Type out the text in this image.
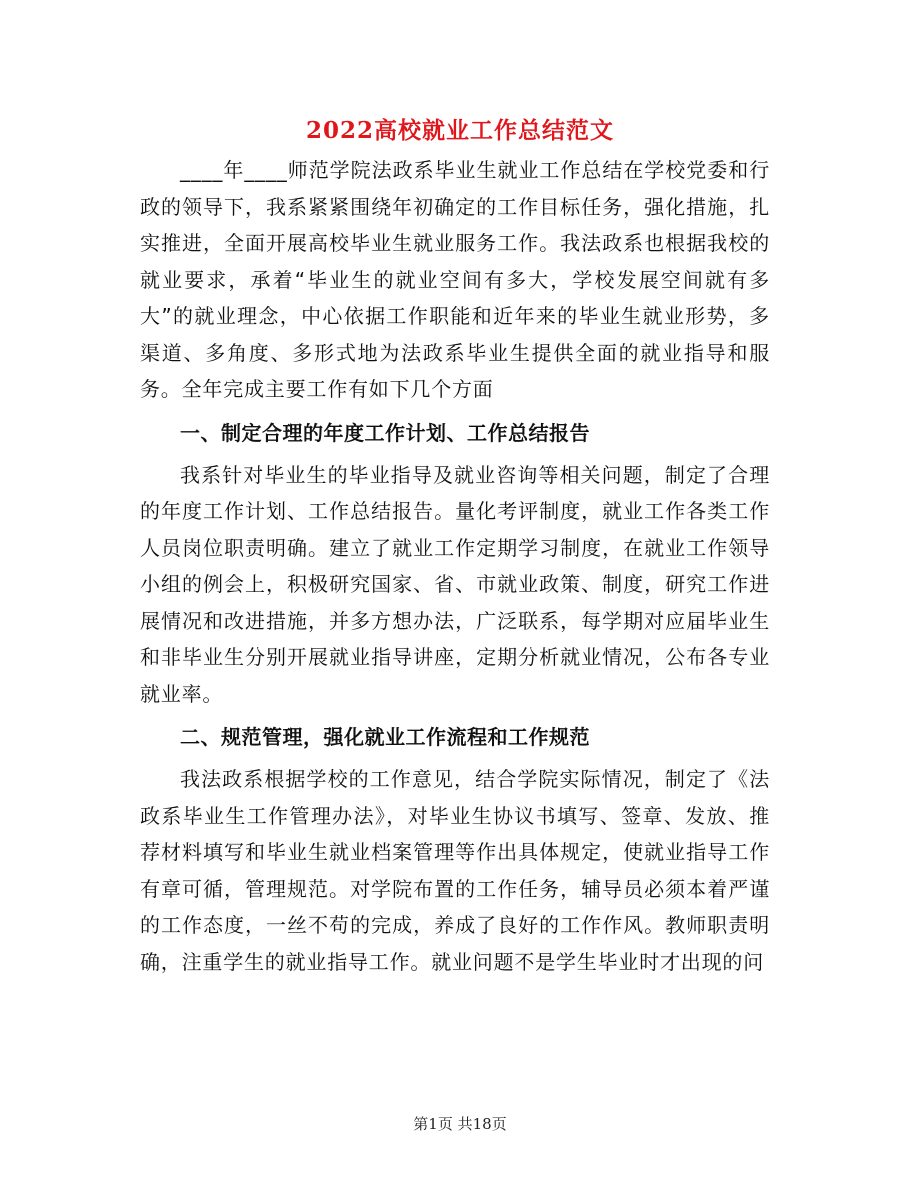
2022高校就业工作总结范文

____年____师范学院法政系毕业生就业工作总结在学校党委和行政的领导下，我系紧紧围绕年初确定的工作目标任务，强化措施，扎实推进，全面开展高校毕业生就业服务工作。我法政系也根据我校的就业要求，承着“毕业生的就业空间有多大，学校发展空间就有多大”的就业理念，中心依据工作职能和近年来的毕业生就业形势，多渠道、多角度、多形式地为法政系毕业生提供全面的就业指导和服务。全年完成主要工作有如下几个方面

一、制定合理的年度工作计划、工作总结报告

我系针对毕业生的毕业指导及就业咨询等相关问题，制定了合理的年度工作计划、工作总结报告。量化考评制度，就业工作各类工作人员岗位职责明确。建立了就业工作定期学习制度，在就业工作领导小组的例会上，积极研究国家、省、市就业政策、制度，研究工作进展情况和改进措施，并多方想办法，广泛联系，每学期对应届毕业生和非毕业生分别开展就业指导讲座，定期分析就业情况，公布各专业就业率。

二、规范管理，强化就业工作流程和工作规范

我法政系根据学校的工作意见，结合学院实际情况，制定了《法政系毕业生工作管理办法》，对毕业生协议书填写、签章、发放、推荐材料填写和毕业生就业档案管理等作出具体规定，使就业指导工作有章可循，管理规范。对学院布置的工作任务，辅导员必须本着严谨的工作态度，一丝不苟的完成，养成了良好的工作作风。教师职责明确，注重学生的就业指导工作。就业问题不是学生毕业时才出现的问

第1页 共18页
